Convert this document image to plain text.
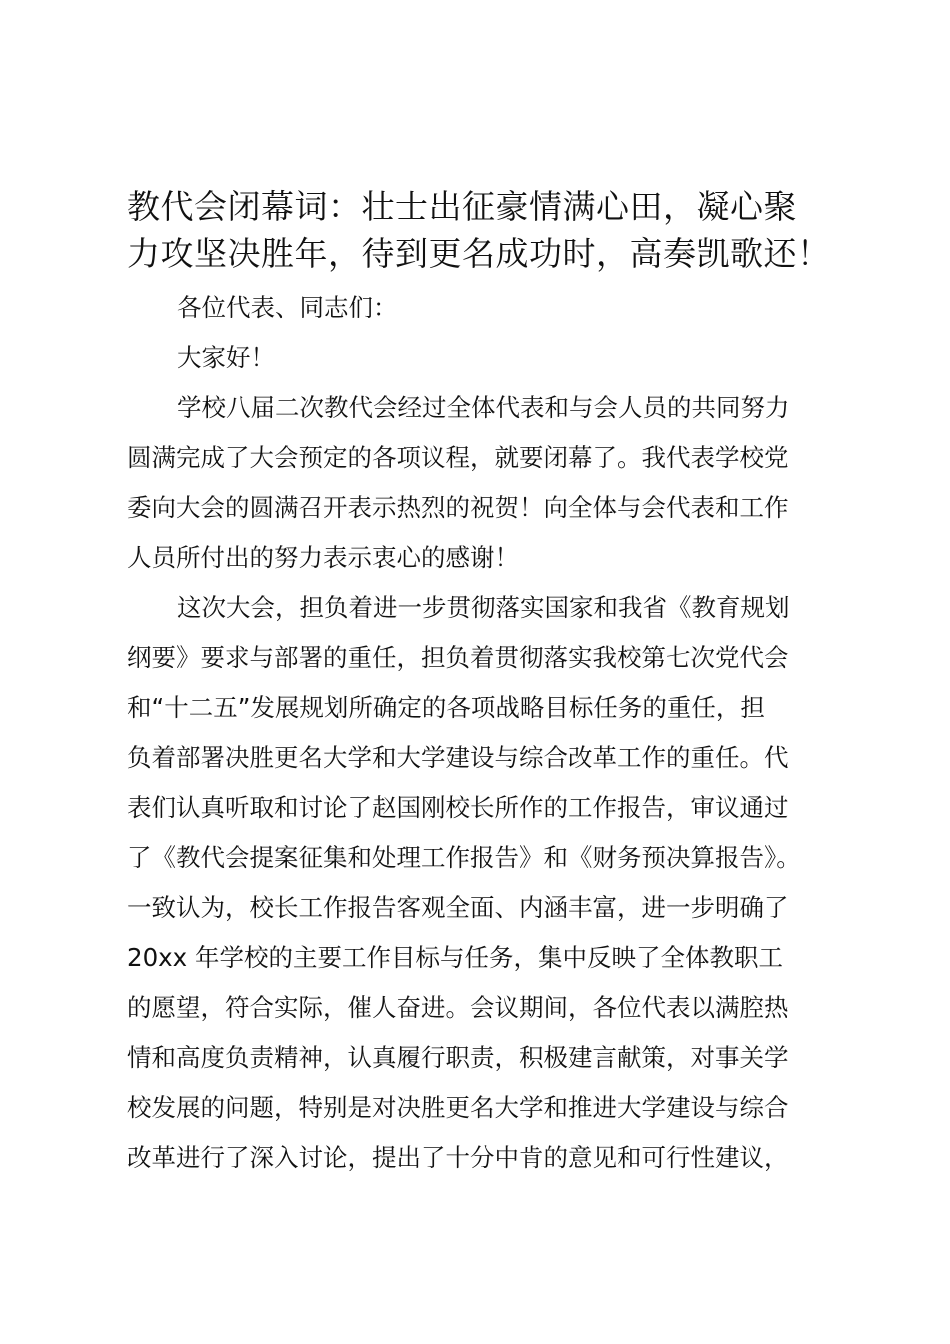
教代会闭幕词：壮士出征豪情满心田，凝心聚
力攻坚决胜年，待到更名成功时，高奏凯歌还！
各位代表、同志们：
大家好！
学校八届二次教代会经过全体代表和与会人员的共同努力
圆满完成了大会预定的各项议程，就要闭幕了。我代表学校党
委向大会的圆满召开表示热烈的祝贺！向全体与会代表和工作
人员所付出的努力表示衷心的感谢！
这次大会，担负着进一步贯彻落实国家和我省《教育规划
纲要》要求与部署的重任，担负着贯彻落实我校第七次党代会
和“十二五”发展规划所确定的各项战略目标任务的重任，担
负着部署决胜更名大学和大学建设与综合改革工作的重任。代
表们认真听取和讨论了赵国刚校长所作的工作报告，审议通过
了《教代会提案征集和处理工作报告》和《财务预决算报告》。
一致认为，校长工作报告客观全面、内涵丰富，进一步明确了
20xx 年学校的主要工作目标与任务，集中反映了全体教职工
的愿望，符合实际，催人奋进。会议期间，各位代表以满腔热
情和高度负责精神，认真履行职责，积极建言献策，对事关学
校发展的问题，特别是对决胜更名大学和推进大学建设与综合
改革进行了深入讨论，提出了十分中肯的意见和可行性建议，
